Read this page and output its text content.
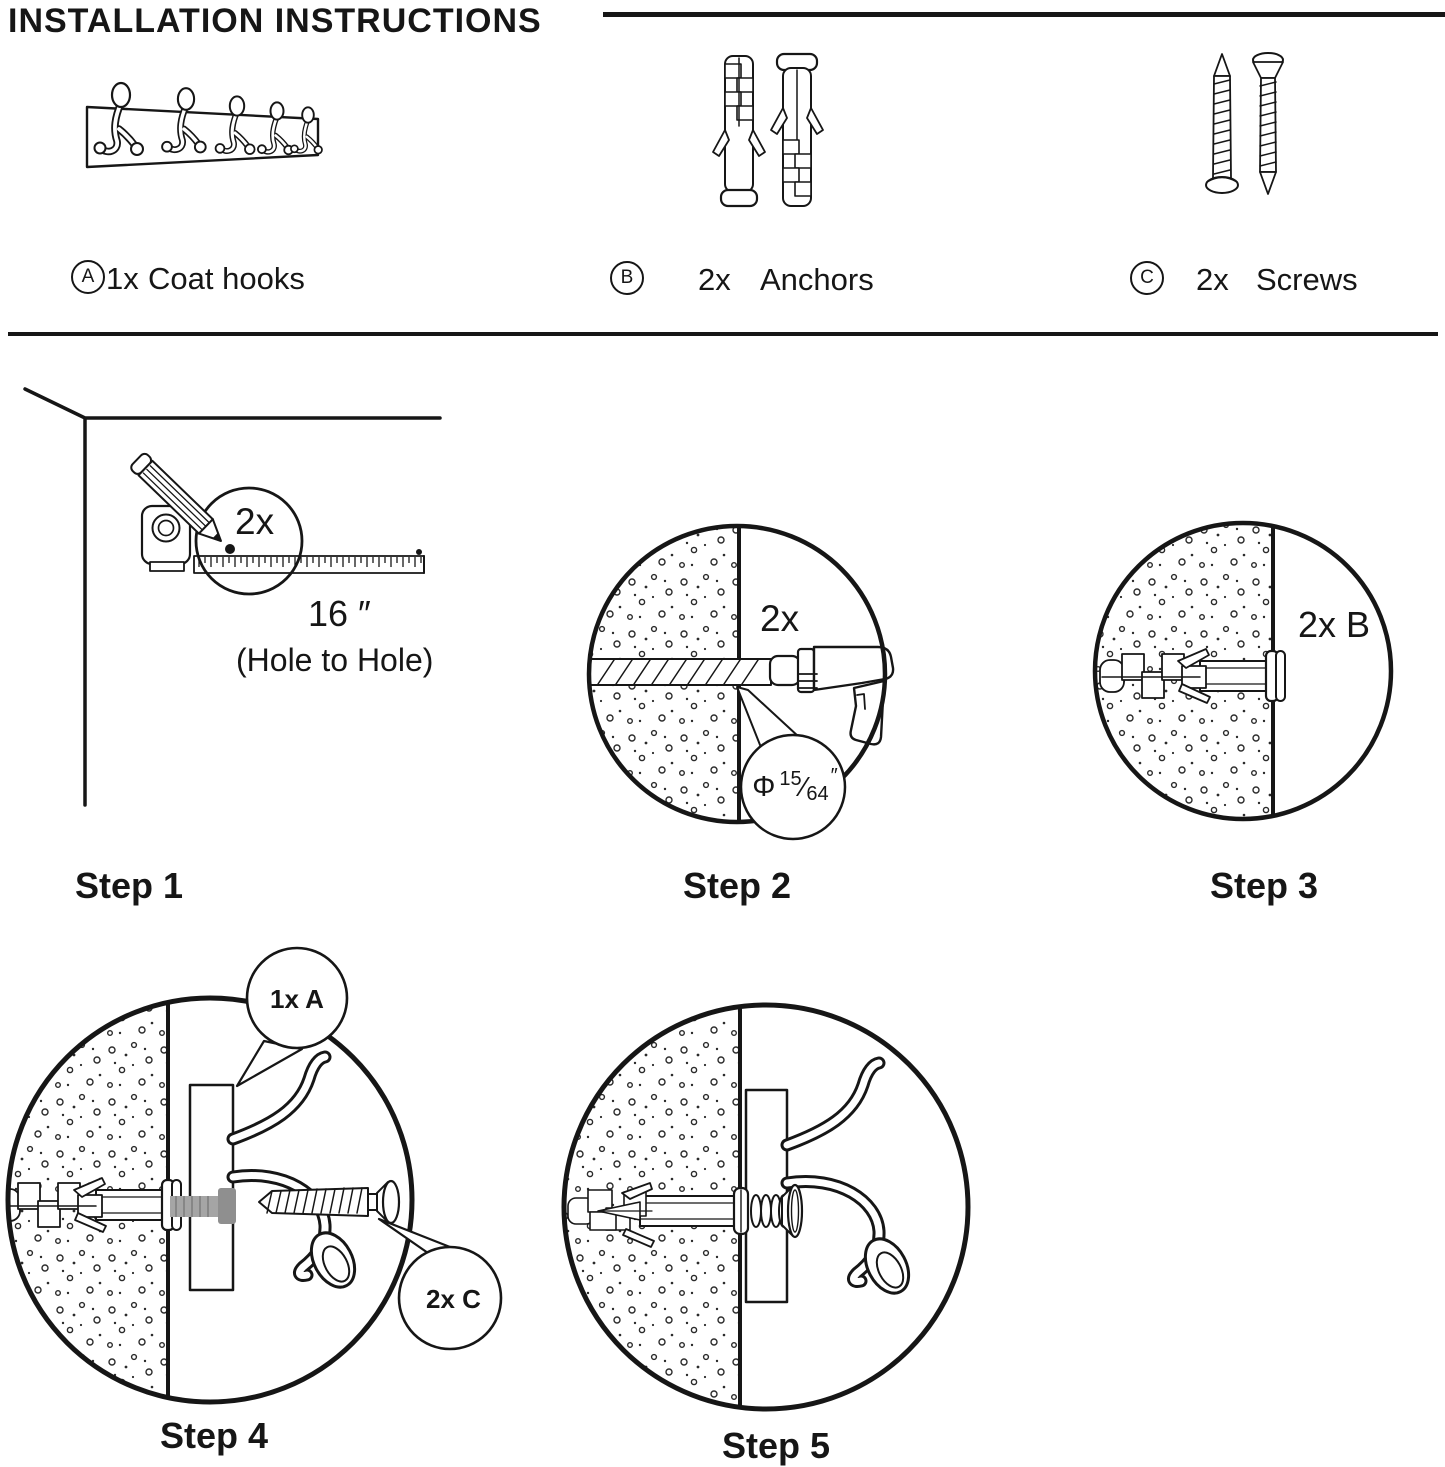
INSTALLATION INSTRUCTIONS
A 1x Coat hooks	B 2x Anchors	C 2x Screws
2x
16 ″
(Hole to Hole)
Step 1
2x
Φ 15 ⁄ 64
″
Step 2
2x B
Step 3
1x A
2x C
Step 4	Step 5
